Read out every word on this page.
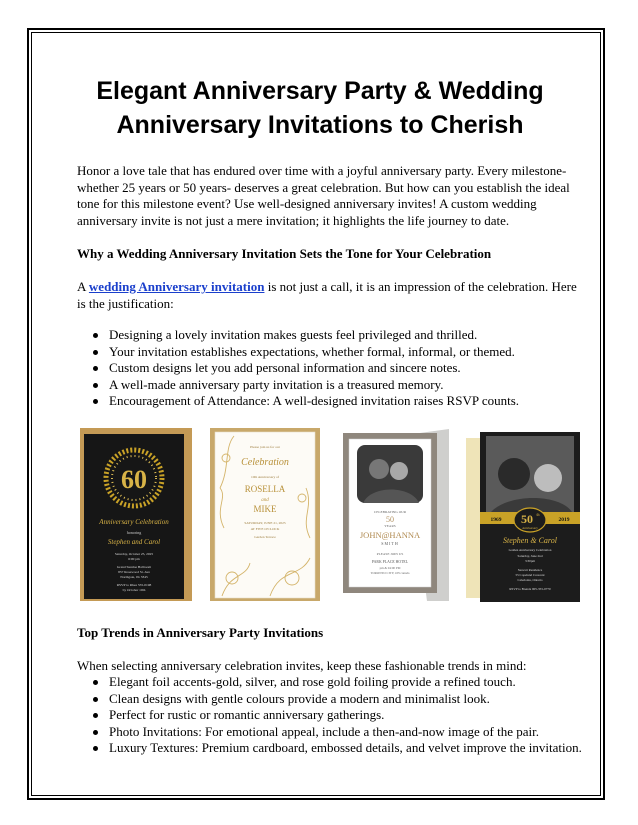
Elegant Anniversary Party & Wedding Anniversary Invitations to Cherish

Honor a love tale that has endured over time with a joyful anniversary party. Every milestone- whether 25 years or 50 years- deserves a great celebration. But how can you establish the ideal tone for this milestone event? Use well-designed anniversary invites! A custom wedding anniversary invite is not just a mere invitation; it highlights the life journey to date.

Why a Wedding Anniversary Invitation Sets the Tone for Your Celebration

A wedding Anniversary invitation is not just a call, it is an impression of the celebration. Here is the justification:

Designing a lovely invitation makes guests feel privileged and thrilled.
Your invitation establishes expectations, whether formal, informal, or themed.
Custom designs let you add personal information and sincere notes.
A well-made anniversary party invitation is a treasured memory.
Encouragement of Attendance: A well-designed invitation raises RSVP counts.
60
Anniversary Celebration
honoring
Stephen and Carol
Saturday, October 25, 2025
6:00 pm
Grand Sunrise Ballroom
857 Rosewood St. Ave
Northgate, JK 3345
RSVP to Rhea 555-0198
by October 10th
Please join us for our
Celebration
10th Anniversary of
ROSELLA
and
MIKE
SATURDAY, JUNE 21, 2025
AT FIVE O'CLOCK
Garden Terrace
CELEBRATING OUR
50
YEARS
JOHN@HANNA
SMITH
PLEASE JOIN US
PARK PLACE HOTEL
pm & 04:00 PM
TORONTO CITY, ON canada
1969	2019
50 th
Anniversary
Stephen & Carol
Golden Anniversary Celebration
Saturday, June 2nd
3:30pm
Stewart Residence
55 Copeland Crescent
Caledonia, Ontario
RSVP to Brenda 905-355-0770

Top Trends in Anniversary Party Invitations

When selecting anniversary celebration invites, keep these fashionable trends in mind:

Elegant foil accents-gold, silver, and rose gold foiling provide a refined touch.
Clean designs with gentle colours provide a modern and minimalist look.
Perfect for rustic or romantic anniversary gatherings.
Photo Invitations: For emotional appeal, include a then-and-now image of the pair.
Luxury Textures: Premium cardboard, embossed details, and velvet improve the invitation.
